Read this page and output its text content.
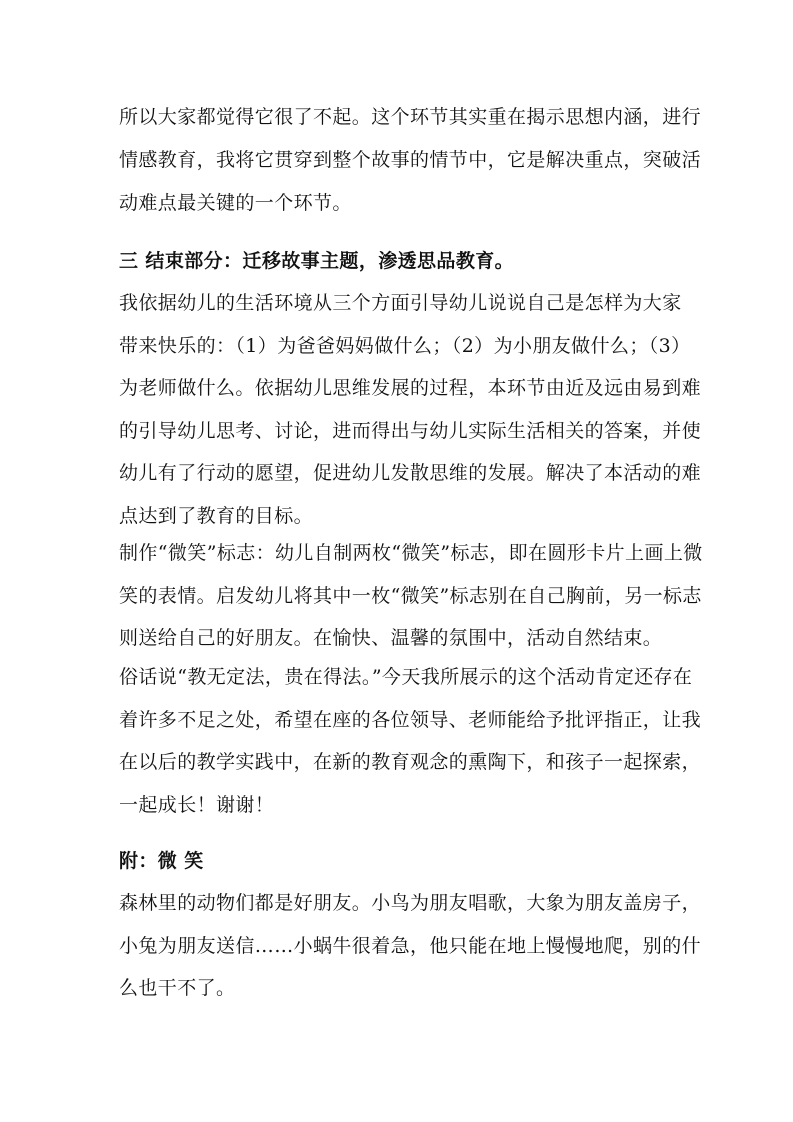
所以大家都觉得它很了不起。这个环节其实重在揭示思想内涵，进行
情感教育，我将它贯穿到整个故事的情节中，它是解决重点，突破活
动难点最关键的一个环节。
三 结束部分：迁移故事主题，渗透思品教育。
我依据幼儿的生活环境从三个方面引导幼儿说说自己是怎样为大家
带来快乐的：（1）为爸爸妈妈做什么；（2）为小朋友做什么；（3）
为老师做什么。依据幼儿思维发展的过程，本环节由近及远由易到难
的引导幼儿思考、讨论，进而得出与幼儿实际生活相关的答案，并使
幼儿有了行动的愿望，促进幼儿发散思维的发展。解决了本活动的难
点达到了教育的目标。
制作“微笑”标志：幼儿自制两枚“微笑”标志，即在圆形卡片上画上微
笑的表情。启发幼儿将其中一枚“微笑”标志别在自己胸前，另一标志
则送给自己的好朋友。在愉快、温馨的氛围中，活动自然结束。
俗话说“教无定法，贵在得法。”今天我所展示的这个活动肯定还存在
着许多不足之处，希望在座的各位领导、老师能给予批评指正，让我
在以后的教学实践中，在新的教育观念的熏陶下，和孩子一起探索，
一起成长！谢谢！
附：微 笑
森林里的动物们都是好朋友。小鸟为朋友唱歌，大象为朋友盖房子，
小兔为朋友送信……小蜗牛很着急，他只能在地上慢慢地爬，别的什
么也干不了。
